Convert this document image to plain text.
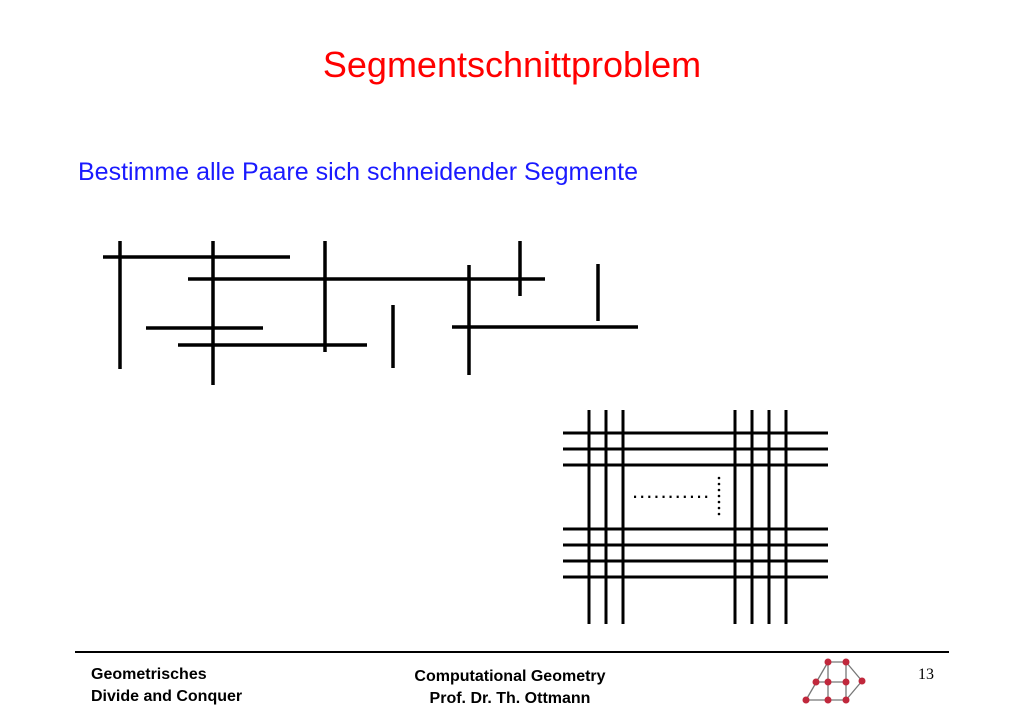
Segmentschnittproblem
Bestimme alle Paare sich schneidender Segmente
...........
Geometrisches
Divide and Conquer
Computational Geometry
Prof. Dr. Th. Ottmann
13
